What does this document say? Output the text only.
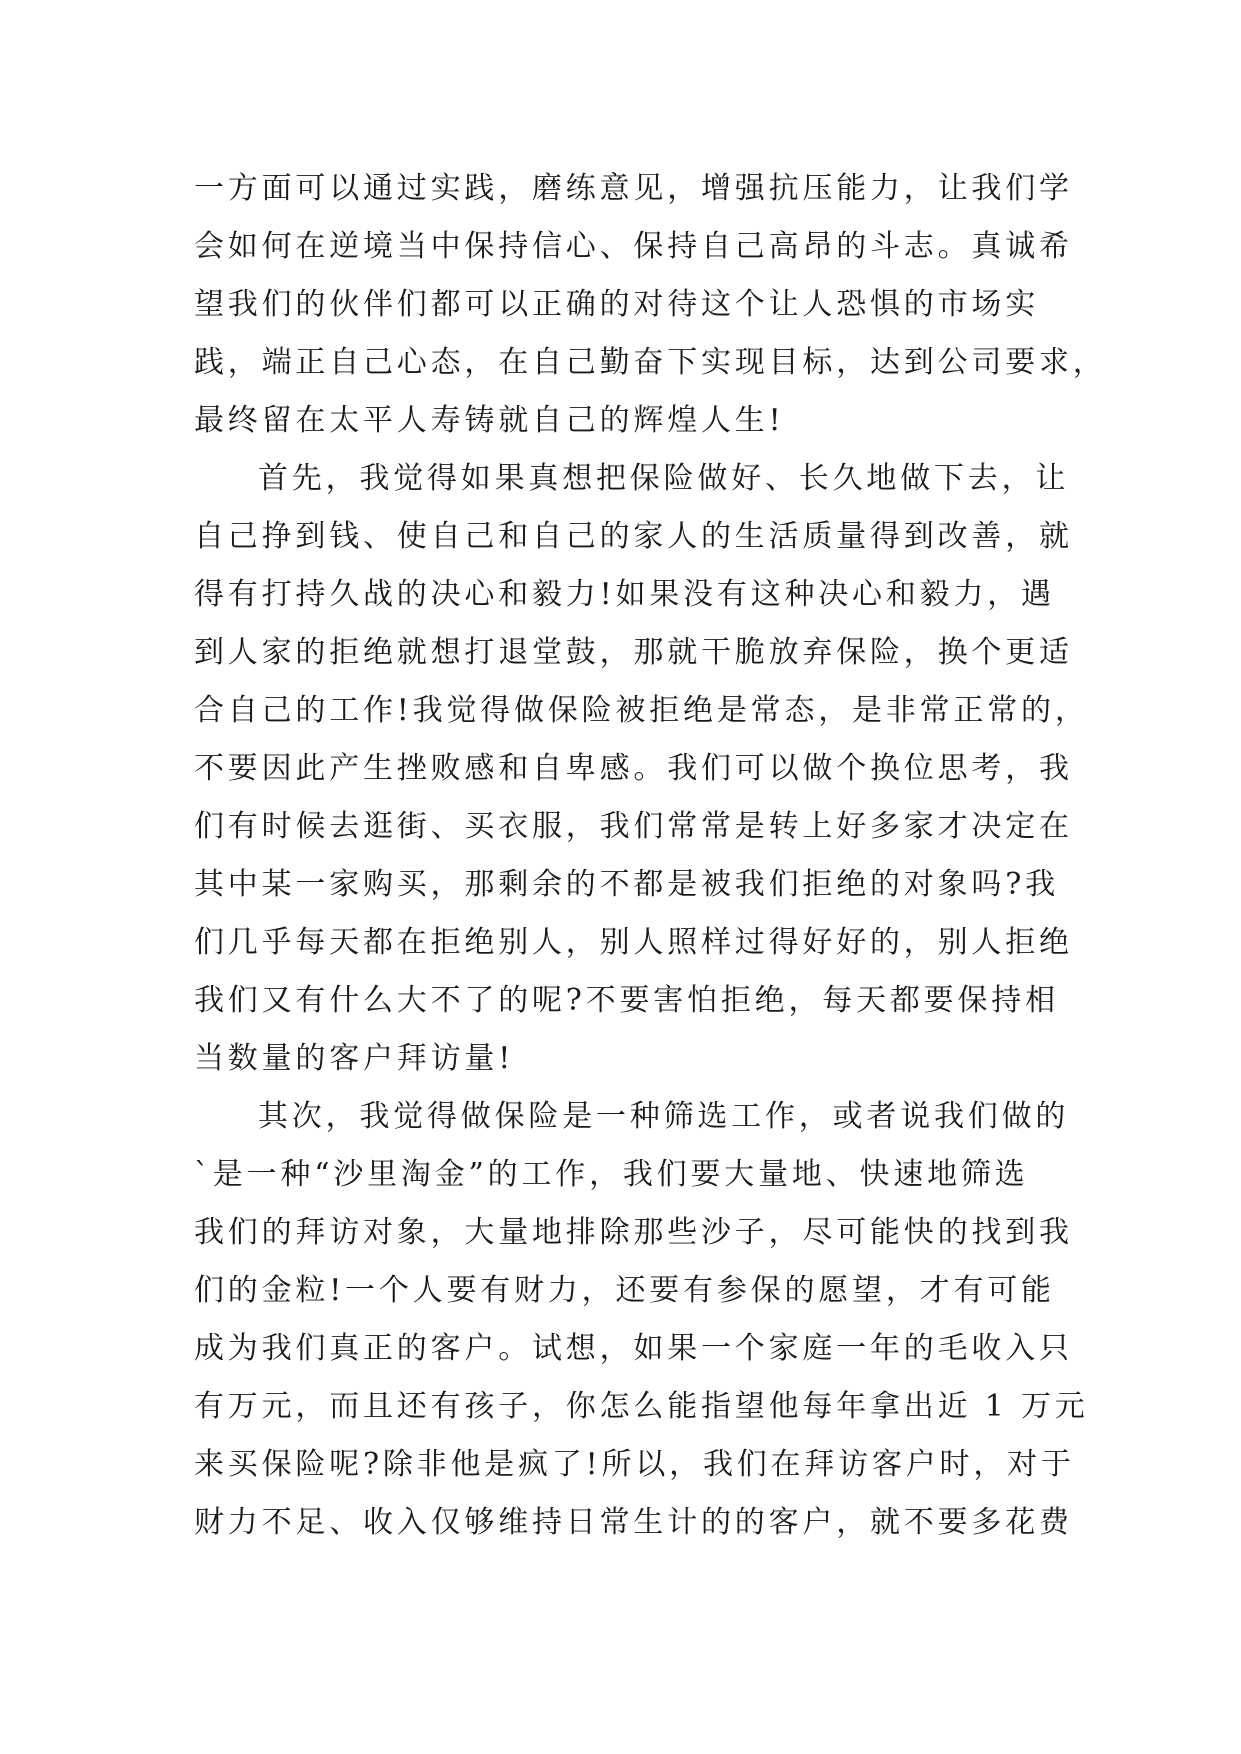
一方面可以通过实践，磨练意见，增强抗压能力，让我们学
会如何在逆境当中保持信心、保持自己高昂的斗志。真诚希
望我们的伙伴们都可以正确的对待这个让人恐惧的市场实
践，端正自己心态，在自己勤奋下实现目标，达到公司要求，
最终留在太平人寿铸就自己的辉煌人生!
首先，我觉得如果真想把保险做好、长久地做下去，让
自己挣到钱、使自己和自己的家人的生活质量得到改善，就
得有打持久战的决心和毅力!如果没有这种决心和毅力，遇
到人家的拒绝就想打退堂鼓，那就干脆放弃保险，换个更适
合自己的工作!我觉得做保险被拒绝是常态，是非常正常的，
不要因此产生挫败感和自卑感。我们可以做个换位思考，我
们有时候去逛街、买衣服，我们常常是转上好多家才决定在
其中某一家购买，那剩余的不都是被我们拒绝的对象吗?我
们几乎每天都在拒绝别人，别人照样过得好好的，别人拒绝
我们又有什么大不了的呢?不要害怕拒绝，每天都要保持相
当数量的客户拜访量!
其次，我觉得做保险是一种筛选工作，或者说我们做的
`是一种“沙里淘金”的工作，我们要大量地、快速地筛选
我们的拜访对象，大量地排除那些沙子，尽可能快的找到我
们的金粒!一个人要有财力，还要有参保的愿望，才有可能
成为我们真正的客户。试想，如果一个家庭一年的毛收入只
有万元，而且还有孩子，你怎么能指望他每年拿出近 1 万元
来买保险呢?除非他是疯了!所以，我们在拜访客户时，对于
财力不足、收入仅够维持日常生计的的客户，就不要多花费
